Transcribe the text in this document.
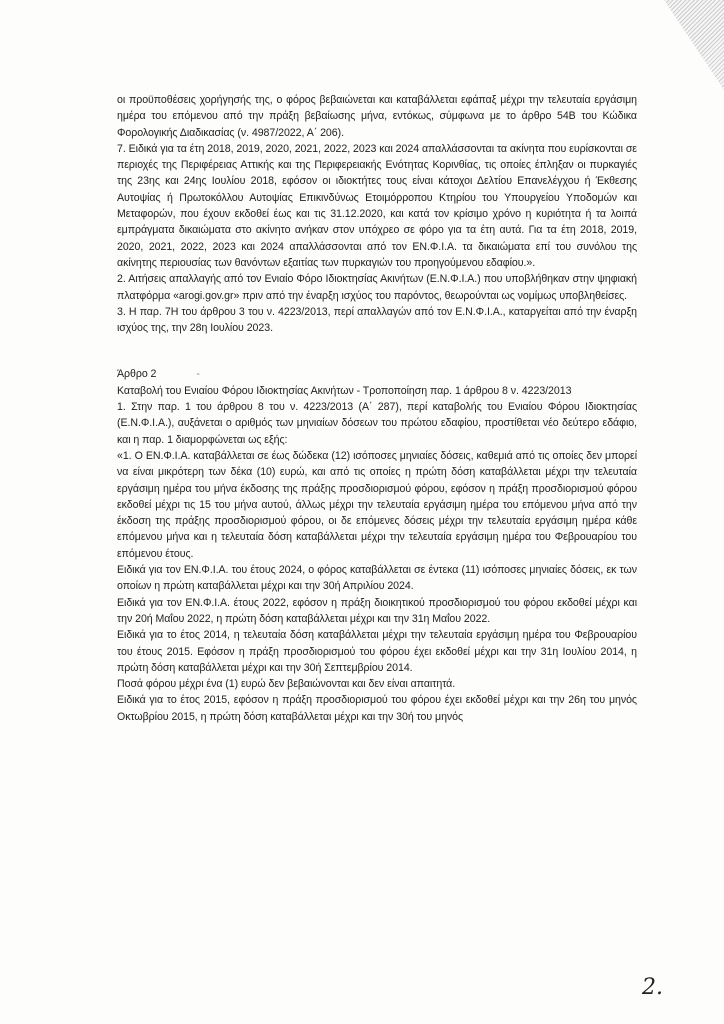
οι προϋποθέσεις χορήγησής της, ο φόρος βεβαιώνεται και καταβάλλεται εφάπαξ μέχρι την τελευταία εργάσιμη ημέρα του επόμενου από την πράξη βεβαίωσης μήνα, εντόκως, σύμφωνα με το άρθρο 54Β του Κώδικα Φορολογικής Διαδικασίας (ν. 4987/2022, Α΄ 206).

7. Ειδικά για τα έτη 2018, 2019, 2020, 2021, 2022, 2023 και 2024 απαλλάσσονται τα ακίνητα που ευρίσκονται σε περιοχές της Περιφέρειας Αττικής και της Περιφερειακής Ενότητας Κορινθίας, τις οποίες έπληξαν οι πυρκαγιές της 23ης και 24ης Ιουλίου 2018, εφόσον οι ιδιοκτήτες τους είναι κάτοχοι Δελτίου Επανελέγχου ή Έκθεσης Αυτοψίας ή Πρωτοκόλλου Αυτοψίας Επικινδύνως Ετοιμόρροπου Κτηρίου του Υπουργείου Υποδομών και Μεταφορών, που έχουν εκδοθεί έως και τις 31.12.2020, και κατά τον κρίσιμο χρόνο η κυριότητα ή τα λοιπά εμπράγματα δικαιώματα στο ακίνητο ανήκαν στον υπόχρεο σε φόρο για τα έτη αυτά. Για τα έτη 2018, 2019, 2020, 2021, 2022, 2023 και 2024 απαλλάσσονται από τον ΕΝ.Φ.Ι.Α. τα δικαιώματα επί του συνόλου της ακίνητης περιουσίας των θανόντων εξαιτίας των πυρκαγιών του προηγούμενου εδαφίου.».

2. Αιτήσεις απαλλαγής από τον Ενιαίο Φόρο Ιδιοκτησίας Ακινήτων (Ε.Ν.Φ.Ι.Α.) που υποβλήθηκαν στην ψηφιακή πλατφόρμα «arogi.gov.gr» πριν από την έναρξη ισχύος του παρόντος, θεωρούνται ως νομίμως υποβληθείσες.

3. Η παρ. 7Η του άρθρου 3 του ν. 4223/2013, περί απαλλαγών από τον Ε.Ν.Φ.Ι.Α., καταργείται από την έναρξη ισχύος της, την 28η Ιουλίου 2023.

Άρθρο 2	-

Καταβολή του Ενιαίου Φόρου Ιδιοκτησίας Ακινήτων - Τροποποίηση παρ. 1 άρθρου 8 ν. 4223/2013

1. Στην παρ. 1 του άρθρου 8 του ν. 4223/2013 (Α΄ 287), περί καταβολής του Ενιαίου Φόρου Ιδιοκτησίας (Ε.Ν.Φ.Ι.Α.), αυξάνεται ο αριθμός των μηνιαίων δόσεων του πρώτου εδαφίου, προστίθεται νέο δεύτερο εδάφιο, και η παρ. 1 διαμορφώνεται ως εξής:

«1. Ο ΕΝ.Φ.Ι.Α. καταβάλλεται σε έως δώδεκα (12) ισόποσες μηνιαίες δόσεις, καθεμιά από τις οποίες δεν μπορεί να είναι μικρότερη των δέκα (10) ευρώ, και από τις οποίες η πρώτη δόση καταβάλλεται μέχρι την τελευταία εργάσιμη ημέρα του μήνα έκδοσης της πράξης προσδιορισμού φόρου, εφόσον η πράξη προσδιορισμού φόρου εκδοθεί μέχρι τις 15 του μήνα αυτού, άλλως μέχρι την τελευταία εργάσιμη ημέρα του επόμενου μήνα από την έκδοση της πράξης προσδιορισμού φόρου, οι δε επόμενες δόσεις μέχρι την τελευταία εργάσιμη ημέρα κάθε επόμενου μήνα και η τελευταία δόση καταβάλλεται μέχρι την τελευταία εργάσιμη ημέρα του Φεβρουαρίου του επόμενου έτους.

Ειδικά για τον ΕΝ.Φ.Ι.Α. του έτους 2024, ο φόρος καταβάλλεται σε έντεκα (11) ισόποσες μηνιαίες δόσεις, εκ των οποίων η πρώτη καταβάλλεται μέχρι και την 30ή Απριλίου 2024.

Ειδικά για τον ΕΝ.Φ.Ι.Α. έτους 2022, εφόσον η πράξη διοικητικού προσδιορισμού του φόρου εκδοθεί μέχρι και την 20ή Μαΐου 2022, η πρώτη δόση καταβάλλεται μέχρι και την 31η Μαΐου 2022.

Ειδικά για το έτος 2014, η τελευταία δόση καταβάλλεται μέχρι την τελευταία εργάσιμη ημέρα του Φεβρουαρίου του έτους 2015. Εφόσον η πράξη προσδιορισμού του φόρου έχει εκδοθεί μέχρι και την 31η Ιουλίου 2014, η πρώτη δόση καταβάλλεται μέχρι και την 30ή Σεπτεμβρίου 2014.

Ποσά φόρου μέχρι ένα (1) ευρώ δεν βεβαιώνονται και δεν είναι απαιτητά.

Ειδικά για το έτος 2015, εφόσον η πράξη προσδιορισμού του φόρου έχει εκδοθεί μέχρι και την 26η του μηνός Οκτωβρίου 2015, η πρώτη δόση καταβάλλεται μέχρι και την 30ή του μηνός

2.
